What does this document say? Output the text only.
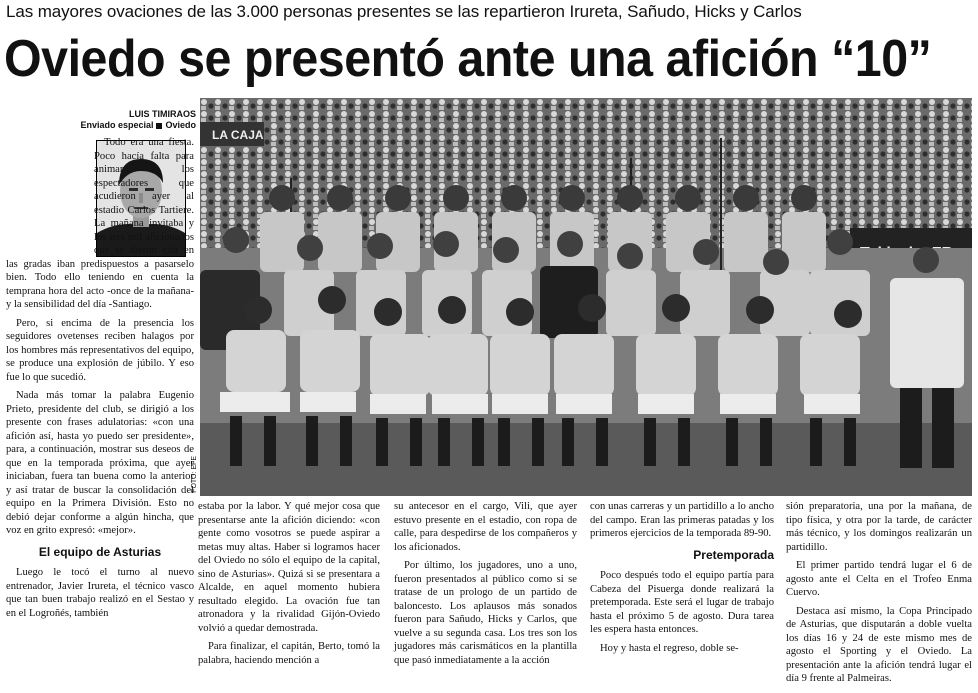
Las mayores ovaciones de las 3.000 personas presentes se las repartieron Irureta, Sañudo, Hicks y Carlos
Oviedo se presentó ante una afición “10”
LUIS TIMIRAOS
Enviado especial Oviedo

Todo era una fiesta. Poco hacía falta para animar a los espectadores que acudieron ayer al estadio Carlos Tartiere. La mañana invitaba y los tres mil aficionados que se dieron cita en las gradas iban predispuestos a pasarselo bien. Todo ello teniendo en cuenta la temprana hora del acto -once de la mañana- y la sensibilidad del día -Santiago.

Pero, si encima de la presencia los seguidores ovetenses reciben halagos por los hombres más representativos del equipo, se produce una explosión de júbilo. Y eso fue lo que sucedió.

Nada más tomar la palabra Eugenio Prieto, presidente del club, se dirigió a los presente con frases adulatorias: «con una afición así, hasta yo puedo ser presidente», para, a continuación, mostrar sus deseos de que en la temporada próxima, que ayer iniciaban, fuera tan buena como la anterior y así tratar de buscar la consolidación del equipo en la Primera División. Esto no debió dejar conforme a algún hincha, que voz en grito expresó: «mejor».

El equipo de Asturias

Luego le tocó el turno al nuevo entrenador, Javier Irureta, el técnico vasco que tan buen trabajo realizó en el Sestao y en el Logroñés, también

LA CAJA
FOTO: EFE

estaba por la labor. Y qué mejor cosa que presentarse ante la afición diciendo: «con gente como vosotros se puede aspirar a metas muy altas. Haber si logramos hacer del Oviedo no sólo el equipo de la capital, sino de Asturias». Quizá si se presentara a Alcalde, en aquel momento hubiera resultado elegido. La ovación fue tan atronadora y la rivalidad Gijón-Oviedo volvió a quedar demostrada.

Para finalizar, el capitán, Berto, tomó la palabra, haciendo mención a

su antecesor en el cargo, Vili, que ayer estuvo presente en el estadio, con ropa de calle, para despedirse de los compañeros y los aficionados.

Por último, los jugadores, uno a uno, fueron presentados al público como si se tratase de un prologo de un partido de baloncesto. Los aplausos más sonados fueron para Sañudo, Hicks y Carlos, que vuelve a su segunda casa. Los tres son los jugadores más carismáticos en la plantilla que pasó inmediatamente a la acción

con unas carreras y un partidillo a lo ancho del campo. Eran las primeras patadas y los primeros ejercicios de la temporada 89-90.

Pretemporada

Poco después todo el equipo partía para Cabeza del Pisuerga donde realizará la pretemporada. Este será el lugar de trabajo hasta el próximo 5 de agosto. Dura tarea les espera hasta entonces.

Hoy y hasta el regreso, doble se-

sión preparatoria, una por la mañana, de tipo física, y otra por la tarde, de carácter más técnico, y los domingos realizarán un partidillo.

El primer partido tendrá lugar el 6 de agosto ante el Celta en el Trofeo Enma Cuervo.

Destaca así mismo, la Copa Principado de Asturias, que disputarán a doble vuelta los días 16 y 24 de este mismo mes de agosto el Sporting y el Oviedo. La presentación ante la afición tendrá lugar el día 9 frente al Palmeiras.
